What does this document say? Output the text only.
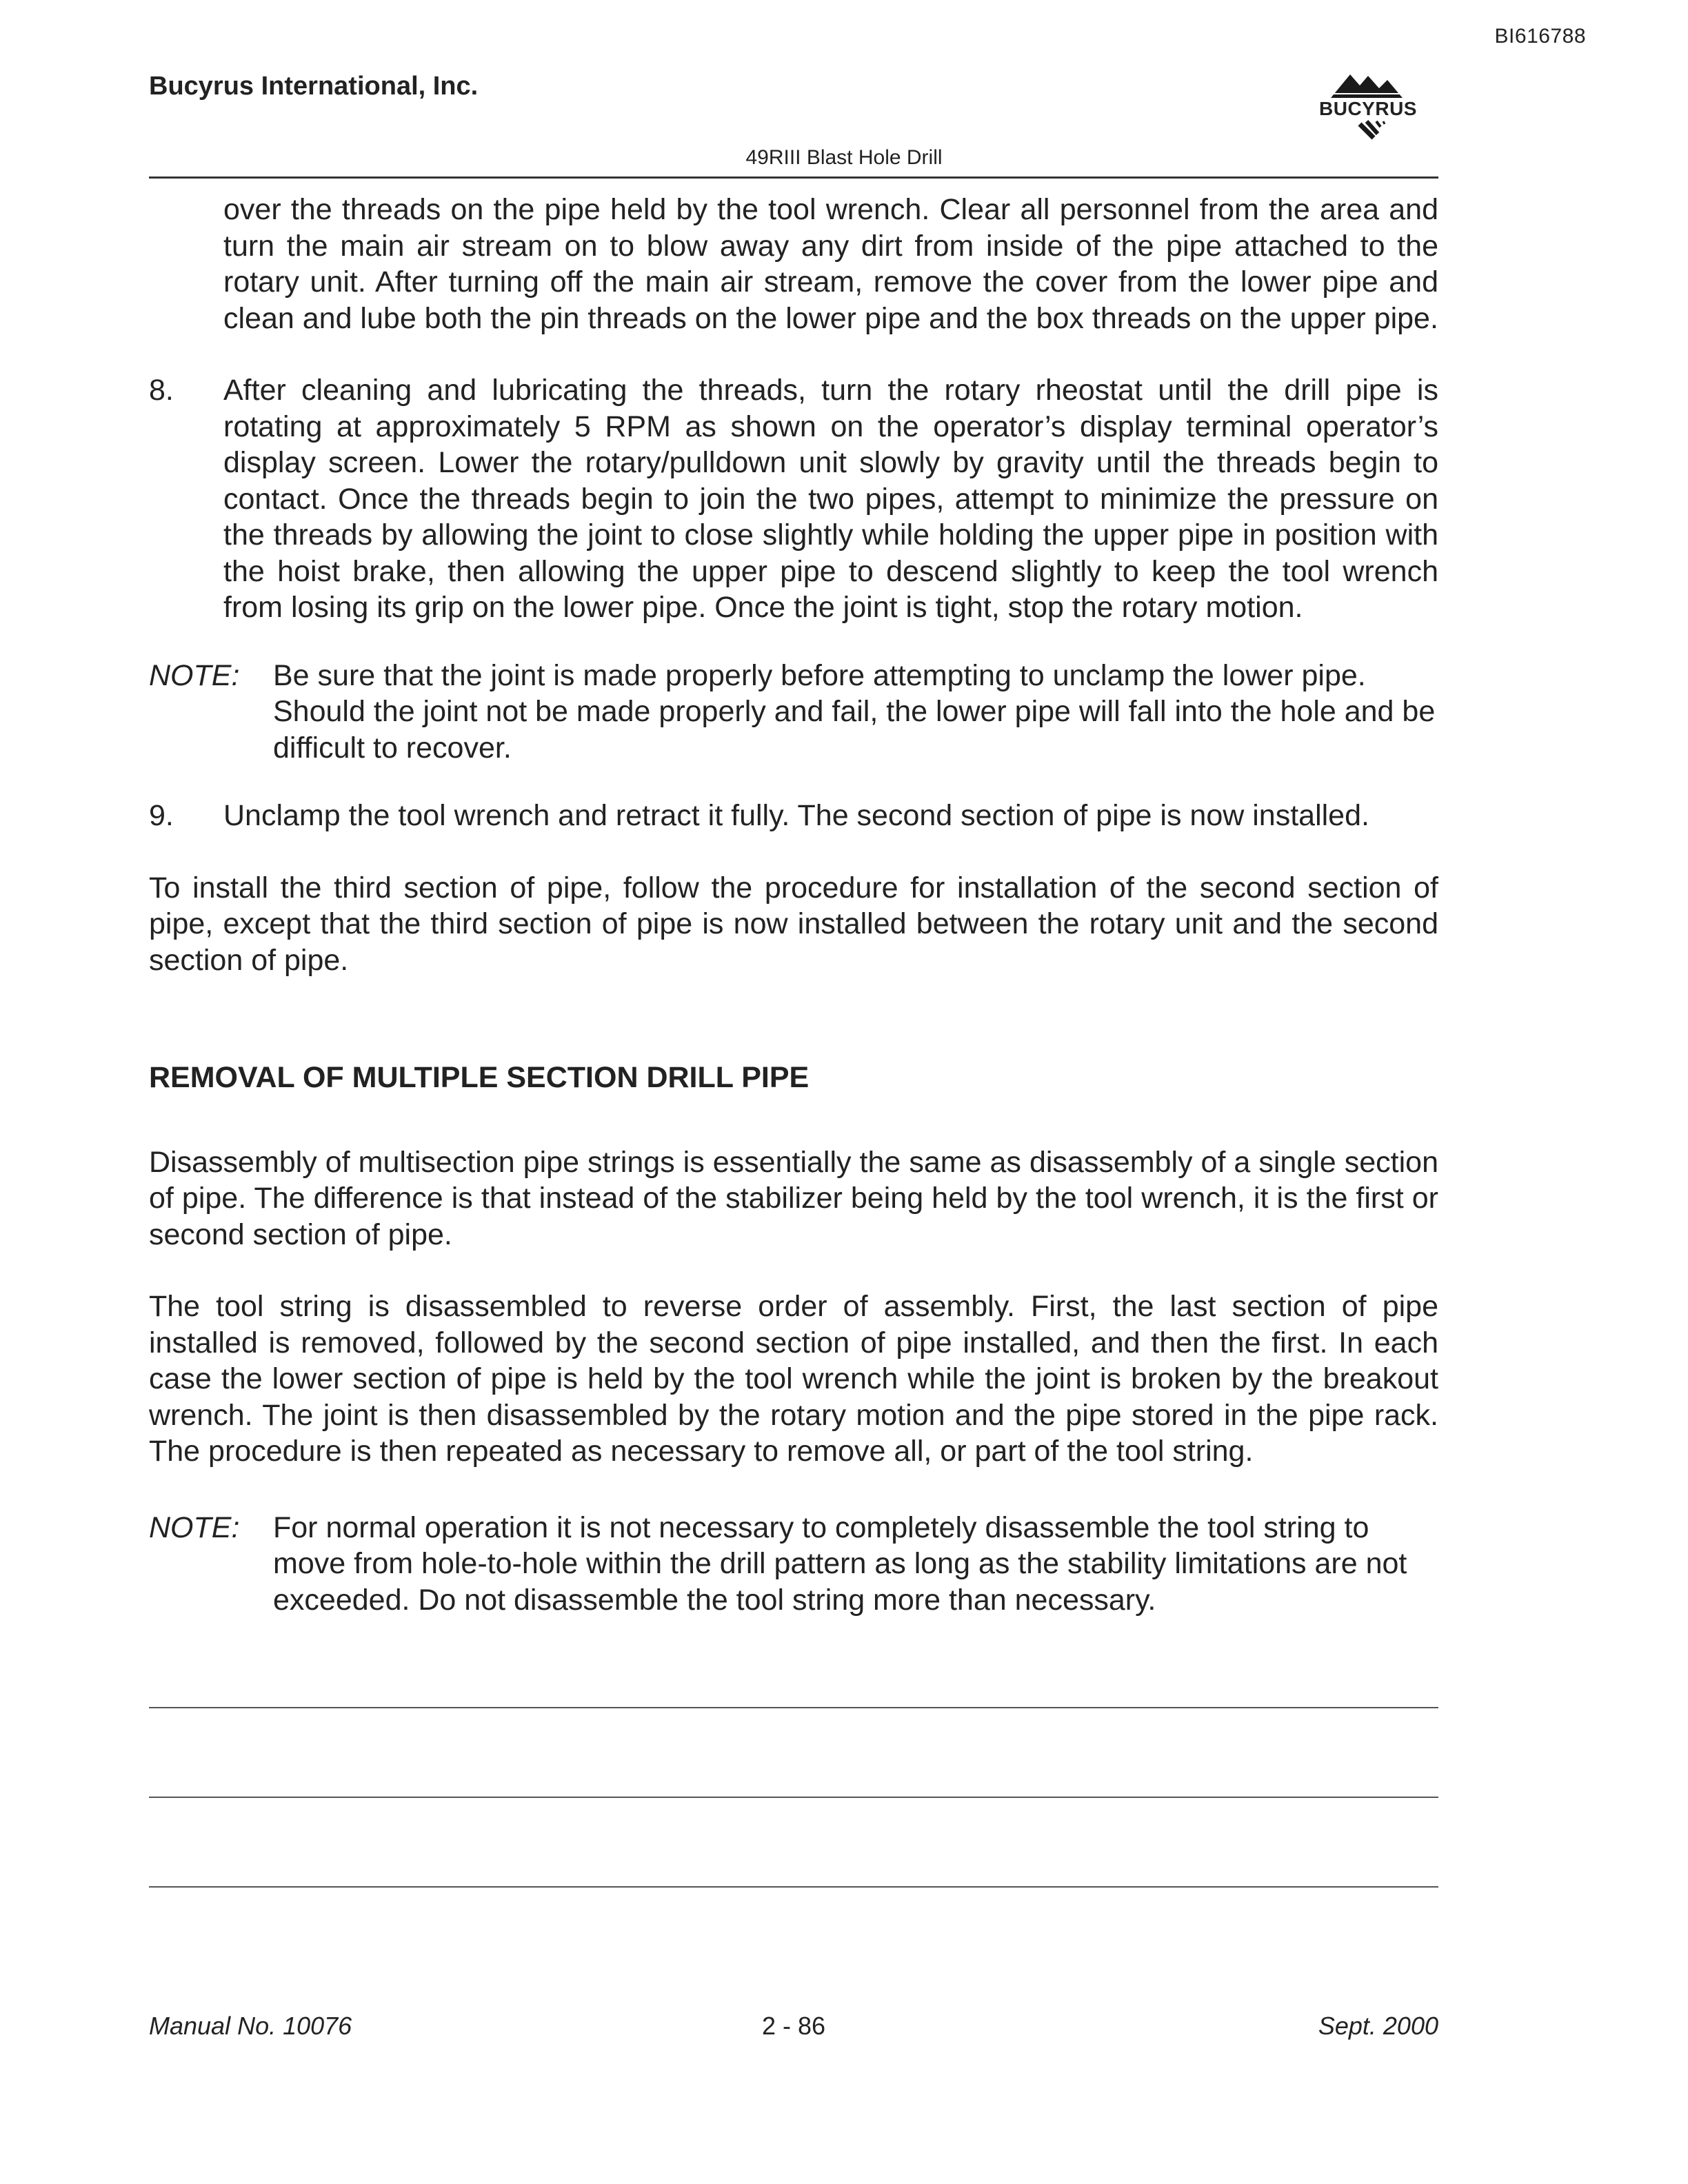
BI616788
Bucyrus International, Inc.
BUCYRUS
49RIII Blast Hole Drill

over the threads on the pipe held by the tool wrench. Clear all personnel from the area and turn the main air stream on to blow away any dirt from inside of the pipe attached to the rotary unit. After turning off the main air stream, remove the cover from the lower pipe and clean and lube both the pin threads on the lower pipe and the box threads on the upper pipe.

8. After cleaning and lubricating the threads, turn the rotary rheostat until the drill pipe is rotating at approximately 5 RPM as shown on the operator’s display terminal operator’s display screen. Lower the rotary/pulldown unit slowly by gravity until the threads begin to contact. Once the threads begin to join the two pipes, attempt to minimize the pressure on the threads by allowing the joint to close slightly while holding the upper pipe in position with the hoist brake, then allowing the upper pipe to descend slightly to keep the tool wrench from losing its grip on the lower pipe. Once the joint is tight, stop the rotary motion.

NOTE: Be sure that the joint is made properly before attempting to unclamp the lower pipe. Should the joint not be made properly and fail, the lower pipe will fall into the hole and be difficult to recover.

9. Unclamp the tool wrench and retract it fully. The second section of pipe is now installed.

To install the third section of pipe, follow the procedure for installation of the second section of pipe, except that the third section of pipe is now installed between the rotary unit and the second section of pipe.

REMOVAL OF MULTIPLE SECTION DRILL PIPE

Disassembly of multisection pipe strings is essentially the same as disassembly of a single section of pipe. The difference is that instead of the stabilizer being held by the tool wrench, it is the first or second section of pipe.

The tool string is disassembled to reverse order of assembly. First, the last section of pipe installed is removed, followed by the second section of pipe installed, and then the first. In each case the lower section of pipe is held by the tool wrench while the joint is broken by the breakout wrench. The joint is then disassembled by the rotary motion and the pipe stored in the pipe rack. The procedure is then repeated as necessary to remove all, or part of the tool string.

NOTE: For normal operation it is not necessary to completely disassemble the tool string to move from hole-to-hole within the drill pattern as long as the stability limitations are not exceeded. Do not disassemble the tool string more than necessary.

Manual No. 10076	2 - 86	Sept. 2000
